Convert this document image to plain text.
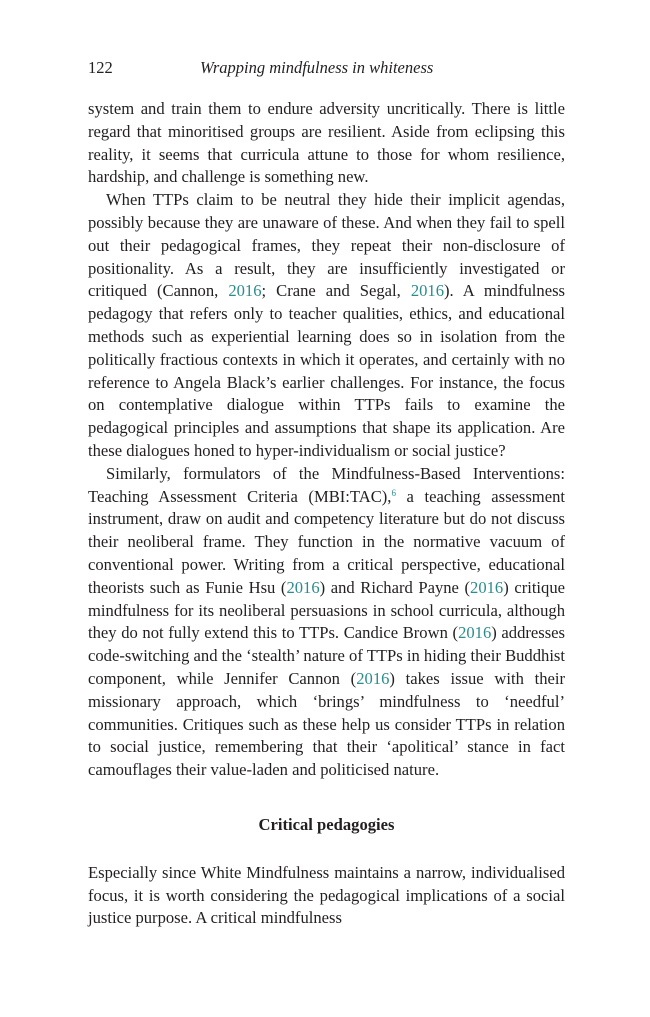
122	Wrapping mindfulness in whiteness

system and train them to endure adversity uncritically. There is little regard that minoritised groups are resilient. Aside from eclipsing this reality, it seems that curricula attune to those for whom resilience, hardship, and challenge is something new.

When TTPs claim to be neutral they hide their implicit agendas, possibly because they are unaware of these. And when they fail to spell out their pedagogical frames, they repeat their non-disclosure of positionality. As a result, they are insufficiently investigated or critiqued (Cannon, 2016; Crane and Segal, 2016). A mindfulness pedagogy that refers only to teacher qualities, ethics, and educational methods such as experiential learning does so in isolation from the politically fractious contexts in which it operates, and certainly with no reference to Angela Black’s earlier challenges. For instance, the focus on contemplative dialogue within TTPs fails to examine the pedagogical principles and assumptions that shape its application. Are these dialogues honed to hyper-individualism or social justice?

Similarly, formulators of the Mindfulness-Based Interventions: Teaching Assessment Criteria (MBI:TAC),$^6$ a teaching assessment instrument, draw on audit and competency literature but do not discuss their neoliberal frame. They function in the normative vacuum of conventional power. Writing from a critical perspective, educational theorists such as Funie Hsu (2016) and Richard Payne (2016) critique mindfulness for its neoliberal persuasions in school curricula, although they do not fully extend this to TTPs. Candice Brown (2016) addresses code-switching and the ‘stealth’ nature of TTPs in hiding their Buddhist component, while Jennifer Cannon (2016) takes issue with their missionary approach, which ‘brings’ mindfulness to ‘needful’ communities. Critiques such as these help us consider TTPs in relation to social justice, remembering that their ‘apolitical’ stance in fact camouflages their value-laden and politicised nature.

Critical pedagogies

Especially since White Mindfulness maintains a narrow, individualised focus, it is worth considering the pedagogical implications of a social justice purpose. A critical mindfulness
